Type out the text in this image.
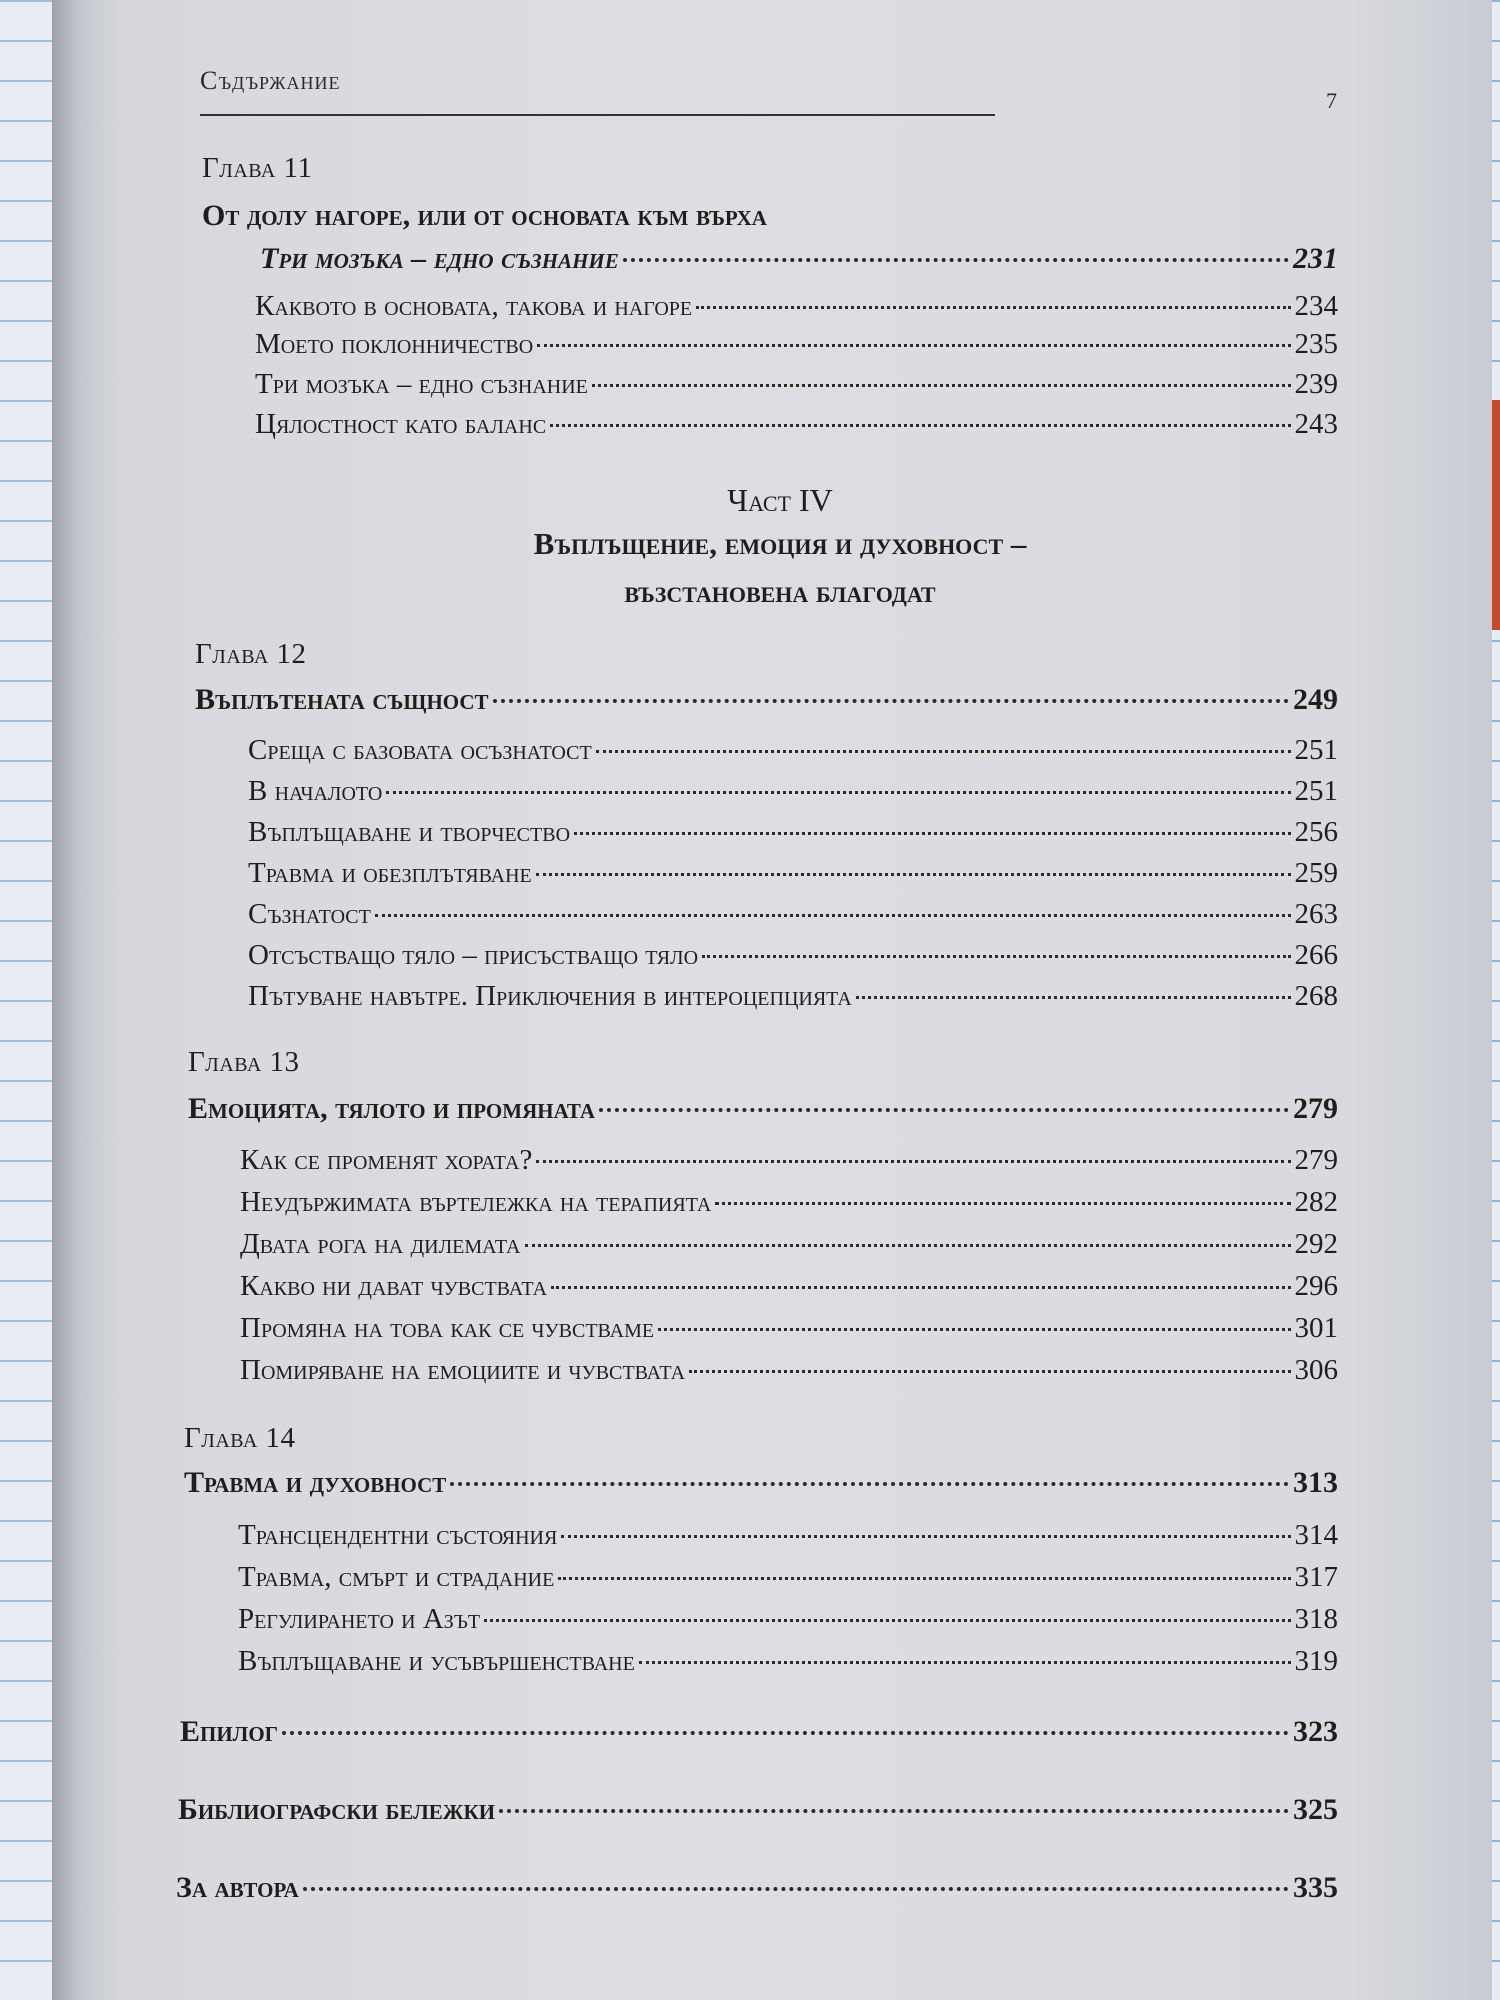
Съдържание
7
Глава 11
От долу нагоре, или от основата към върха
Три мозъка – едно съзнание	231
Каквото в основата, такова и нагоре	234
Моето поклонничество	235
Три мозъка – едно съзнание	239
Цялостност като баланс	243
Част IV
Въплъщение, емоция и духовност –
възстановена благодат
Глава 12
Въплътената същност	249
Среща с базовата осъзнатост	251
В началото	251
Въплъщаване и творчество	256
Травма и обезплътяване	259
Съзнатост	263
Отсъстващо тяло – присъстващо тяло	266
Пътуване навътре. Приключения в интероцепцията	268
Глава 13
Емоцията, тялото и промяната	279
Как се променят хората?	279
Неудържимата въртележка на терапията	282
Двата рога на дилемата	292
Какво ни дават чувствата	296
Промяна на това как се чувстваме	301
Помиряване на емоциите и чувствата	306
Глава 14
Травма и духовност	313
Трансцендентни състояния	314
Травма, смърт и страдание	317
Регулирането и Азът	318
Въплъщаване и усъвършенстване	319
Епилог	323
Библиографски бележки	325
За автора	335
